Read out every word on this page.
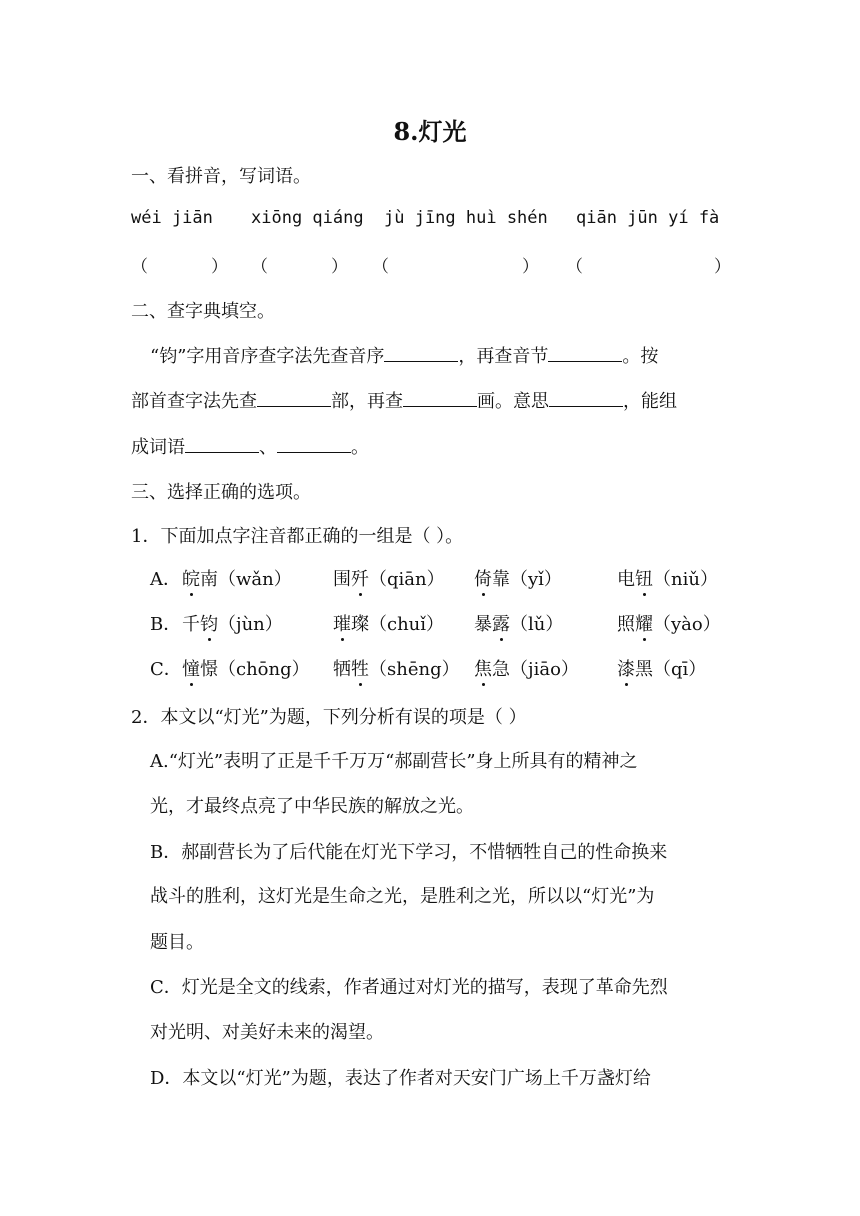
8.灯光
一、看拼音，写词语。
wéi jiān xiōng qiáng jù jīng huì shén qiān jūn yí fà
（	） （	） （	） （	）
二、查字典填空。
“钧”字用音序查字法先查音序	，再查音节	。按
部首查字法先查	部，再查	画。意思	，能组
成词语	、	。
三、选择正确的选项。
1．下面加点字注音都正确的一组是（ ）。
A． 皖南（wǎn） 围歼（qiān） 倚靠（yǐ）	电钮（niǔ）
B． 千钧（jùn）	璀璨（chuǐ） 暴露（lǔ）	照耀（yào）
C． 憧憬（chōng） 牺牲（shēng） 焦急（jiāo） 漆黑（qī）
2．本文以“灯光”为题，下列分析有误的项是（ ）
A.“灯光”表明了正是千千万万“郝副营长”身上所具有的精神之
光，才最终点亮了中华民族的解放之光。
B．郝副营长为了后代能在灯光下学习，不惜牺牲自己的性命换来
战斗的胜利，这灯光是生命之光，是胜利之光，所以以“灯光”为
题目。
C．灯光是全文的线索，作者通过对灯光的描写，表现了革命先烈
对光明、对美好未来的渴望。
D．本文以“灯光”为题，表达了作者对天安门广场上千万盏灯给
